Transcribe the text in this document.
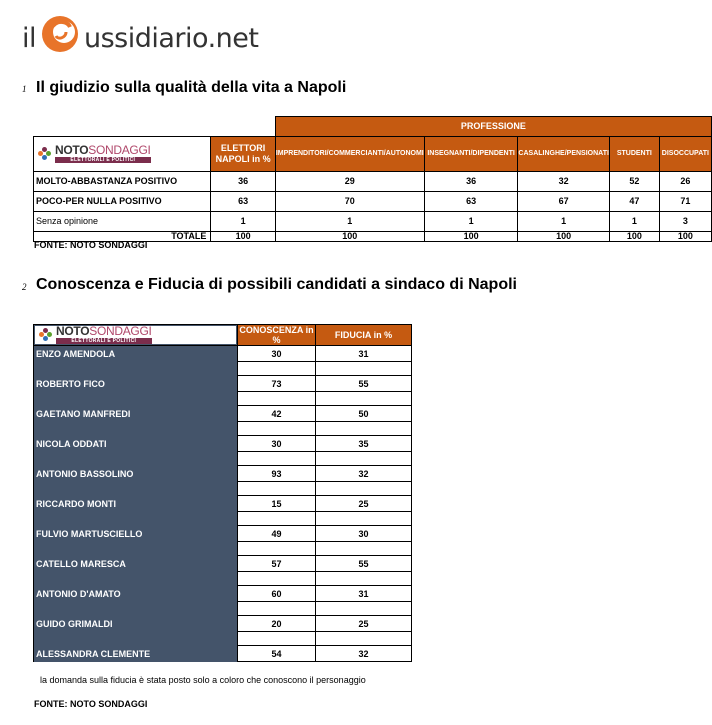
il ussidiario.net
1 Il giudizio sulla qualità della vita a Napoli
		PROFESSIONE				

NOTOSONDAGGI
ELETTORALI E POLITICI	ELETTORI NAPOLI in %	IMPRENDITORI/COMMERCIANTI/AUTONOMI	INSEGNANTI/DIPENDENTI	CASALINGHE/PENSIONATI	STUDENTI	DISOCCUPATI
MOLTO-ABBASTANZA POSITIVO	36	29	36	32	52	26
POCO-PER NULLA POSITIVO	63	70	63	67	47	71
Senza opinione	1	1	1	1	1	3
TOTALE	100	100	100	100	100	100
FONTE: NOTO SONDAGGI
2 Conoscenza e Fiducia di possibili candidati a sindaco di Napoli
NOTOSONDAGGI
ELETTORALI E POLITICI	CONOSCENZA in %	FIDUCIA in %
ENZO AMENDOLA	30	31

ROBERTO FICO	73	55

GAETANO MANFREDI	42	50

NICOLA ODDATI	30	35

ANTONIO BASSOLINO	93	32

RICCARDO MONTI	15	25

FULVIO MARTUSCIELLO	49	30

CATELLO MARESCA	57	55

ANTONIO D'AMATO	60	31

GUIDO GRIMALDI	20	25

ALESSANDRA CLEMENTE	54	32
la domanda sulla fiducia è stata posto solo a coloro che conoscono il personaggio
FONTE: NOTO SONDAGGI
